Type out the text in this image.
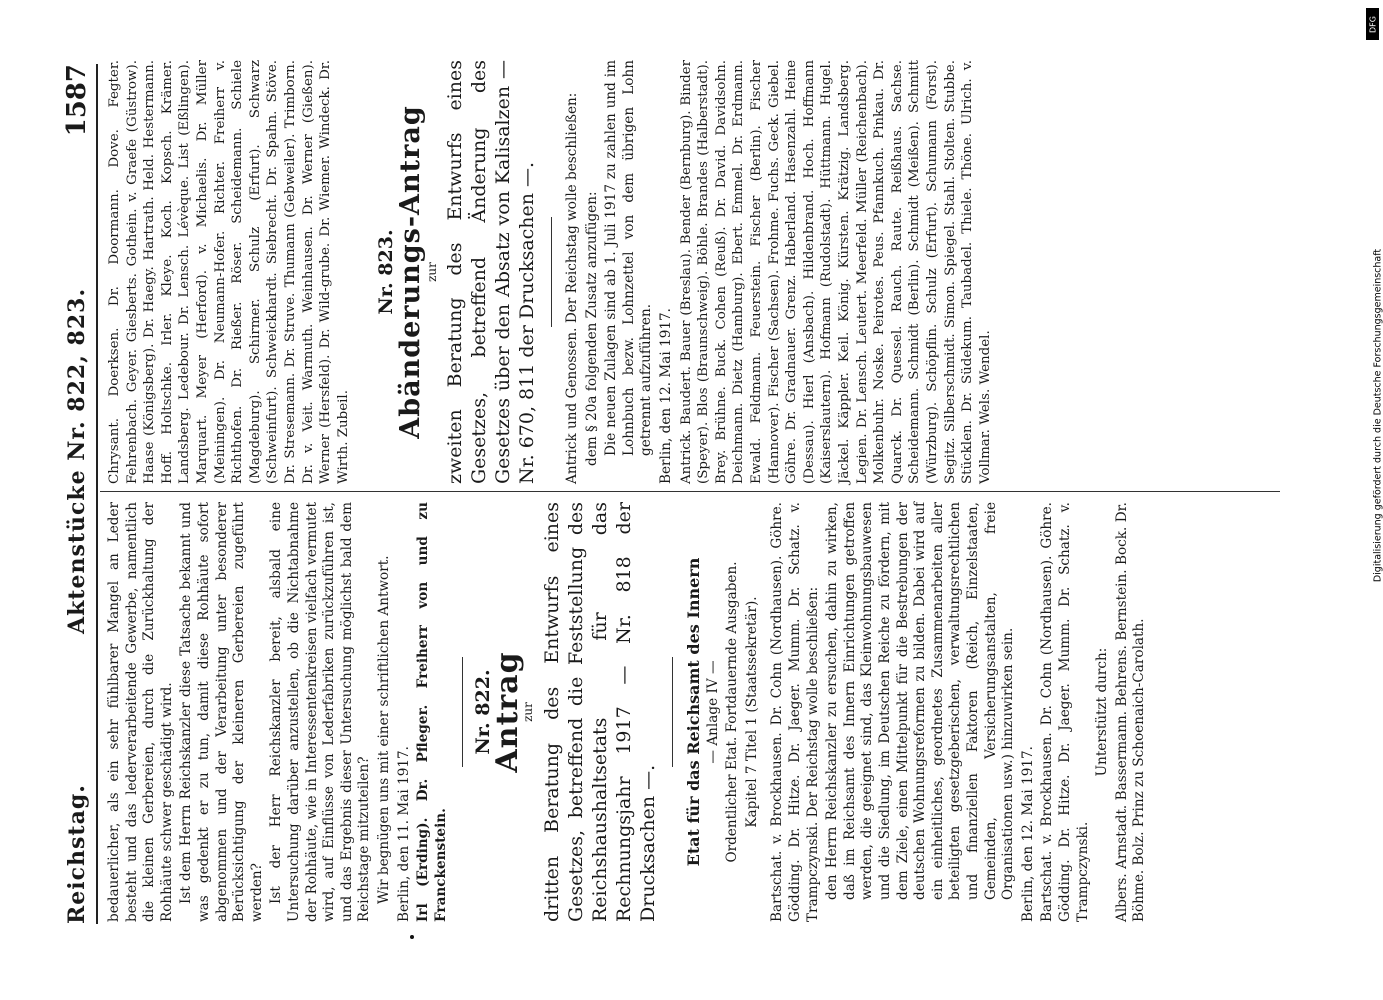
Reichstag.
Aktenstücke Nr. 822, 823.
1587

bedauerlicher, als ein sehr fühlbarer Mangel an Leder besteht und das lederverarbeitende Gewerbe, namentlich die kleinen Gerbereien, durch die Zurückhaltung der Rohhäute schwer geschädigt wird. Ist dem Herrn Reichskanzler diese Tatsache bekannt und was gedenkt er zu tun, damit diese Rohhäute sofort abgenommen und der Verarbeitung unter besonderer Berücksichtigung der kleineren Gerbereien zugeführt werden? Ist der Herr Reichskanzler bereit, alsbald eine Untersuchung darüber anzustellen, ob die Nichtabnahme der Rohhäute, wie in Interessentenkreisen vielfach vermutet wird, auf Einflüsse von Lederfabriken zurückzuführen ist, und das Ergebnis dieser Untersuchung möglichst bald dem Reichstage mitzuteilen? Wir begnügen uns mit einer schriftlichen Antwort. Berlin, den 11. Mai 1917. Irl (Erding). Dr. Pfleger. Freiherr von und zu Franckenstein.

Nr. 822.
Antrag
zur dritten Beratung des Entwurfs eines Gesetzes, betreffend die Feststellung des Reichshaushaltsetats für das Rechnungsjahr 1917 — Nr. 818 der Drucksachen —. Etat für das Reichsamt des Innern — Anlage IV — Ordentlicher Etat. Fortdauernde Ausgaben. Kapitel 7 Titel 1 (Staatssekretär). Bartschat. v. Brockhausen. Dr. Cohn (Nordhausen). Göhre. Gödding. Dr. Hitze. Dr. Jaeger. Mumm. Dr. Schatz. v. Trampczynski. Der Reichstag wolle beschließen: den Herrn Reichskanzler zu ersuchen, dahin zu wirken, daß im Reichsamt des Innern Einrichtungen getroffen werden, die geeignet sind, das Kleinwohnungsbauwesen und die Siedlung, im Deutschen Reiche zu fördern, mit dem Ziele, einen Mittelpunkt für die Bestrebungen der deutschen Wohnungsreformen zu bilden. Dabei wird auf ein einheitliches, geordnetes Zusammenarbeiten aller beteiligten gesetzgeberischen, verwaltungsrechtlichen und finanziellen Faktoren (Reich, Einzelstaaten, Gemeinden, Versicherungsanstalten, freie Organisationen usw.) hinzuwirken sein. Berlin, den 12. Mai 1917. Bartschat. v. Brockhausen. Dr. Cohn (Nordhausen). Göhre. Gödding. Dr. Hitze. Dr. Jaeger. Mumm. Dr. Schatz. v. Trampczynski.

Unterstützt durch: Albers. Arnstadt. Bassermann. Behrens. Bernstein. Bock. Dr. Böhme. Bolz. Prinz zu Schoenaich-Carolath.

Chrysant. Doerksen. Dr. Doormann. Dove. Fegter. Fehrenbach. Geyer. Giesberts. Gothein. v. Graefe (Güstrow). Haase (Königsberg). Dr. Haegy. Hartrath. Held. Hestermann. Hoff. Holtschke. Irler. Kleye. Koch. Kopsch. Krämer. Landsberg. Ledebour. Dr. Lensch. Lévèque. List (Eßlingen). Marquart. Meyer (Herford). v. Michaelis. Dr. Müller (Meiningen). Dr. Neumann-Hofer. Richter. Freiherr v. Richthofen. Dr. Rießer. Röser. Scheidemann. Schiele (Magdeburg). Schirmer. Schulz (Erfurt). Schwarz (Schweinfurt). Schweickhardt. Siebrecht. Dr. Spahn. Stöve. Dr. Stresemann. Dr. Struve. Thumann (Gebweiler). Trimborn. Dr. v. Veit. Warmuth. Weinhausen. Dr. Werner (Gießen). Werner (Hersfeld). Dr. Wild-grube. Dr. Wiemer. Windeck. Dr. Wirth. Zubeil.

Nr. 823.
Abänderungs-Antrag
zur zweiten Beratung des Entwurfs eines Gesetzes, betreffend Änderung des Gesetzes über den Absatz von Kalisalzen — Nr. 670, 811 der Drucksachen —. Antrick und Genossen. Der Reichstag wolle beschließen: dem § 20a folgenden Zusatz anzufügen: Die neuen Zulagen sind ab 1. Juli 1917 zu zahlen und im Lohnbuch bezw. Lohnzettel von dem übrigen Lohn getrennt aufzuführen. Berlin, den 12. Mai 1917. Antrick. Baudert. Bauer (Breslau). Bender (Bernburg). Binder (Speyer). Blos (Braunschweig). Böhle. Brandes (Halberstadt). Brey. Brühne. Buck. Cohen (Reuß). Dr. David. Davidsohn. Deichmann. Dietz (Hamburg). Ebert. Emmel. Dr. Erdmann. Ewald. Feldmann. Feuerstein. Fischer (Berlin). Fischer (Hannover). Fischer (Sachsen). Frohme. Fuchs. Geck. Giebel. Göhre. Dr. Gradnauer. Grenz. Haberland. Hasenzahl. Heine (Dessau). Hierl (Ansbach). Hildenbrand. Hoch. Hoffmann (Kaiserslautern). Hofmann (Rudolstadt). Hüttmann. Hugel. Jäckel. Käppler. Keil. König. Kürsten. Krätzig. Landsberg. Legien. Dr. Lensch. Leutert. Meerfeld. Müller (Reichenbach). Molkenbuhr. Noske. Peirotes. Peus. Pfannkuch. Pinkau. Dr. Quarck. Dr. Quessel. Rauch. Raute. Reißhaus. Sachse. Scheidemann. Schmidt (Berlin). Schmidt (Meißen). Schmitt (Würzburg). Schöpflin. Schulz (Erfurt). Schumann (Forst). Segitz. Silberschmidt. Simon. Spiegel. Stahl. Stolten. Stubbe. Stücklen. Dr. Südekum. Taubadel. Thiele. Thöne. Ulrich. v. Vollmar. Wels. Wendel.

DFG
Digitalisierung gefördert durch die Deutsche Forschungsgemeinschaft
